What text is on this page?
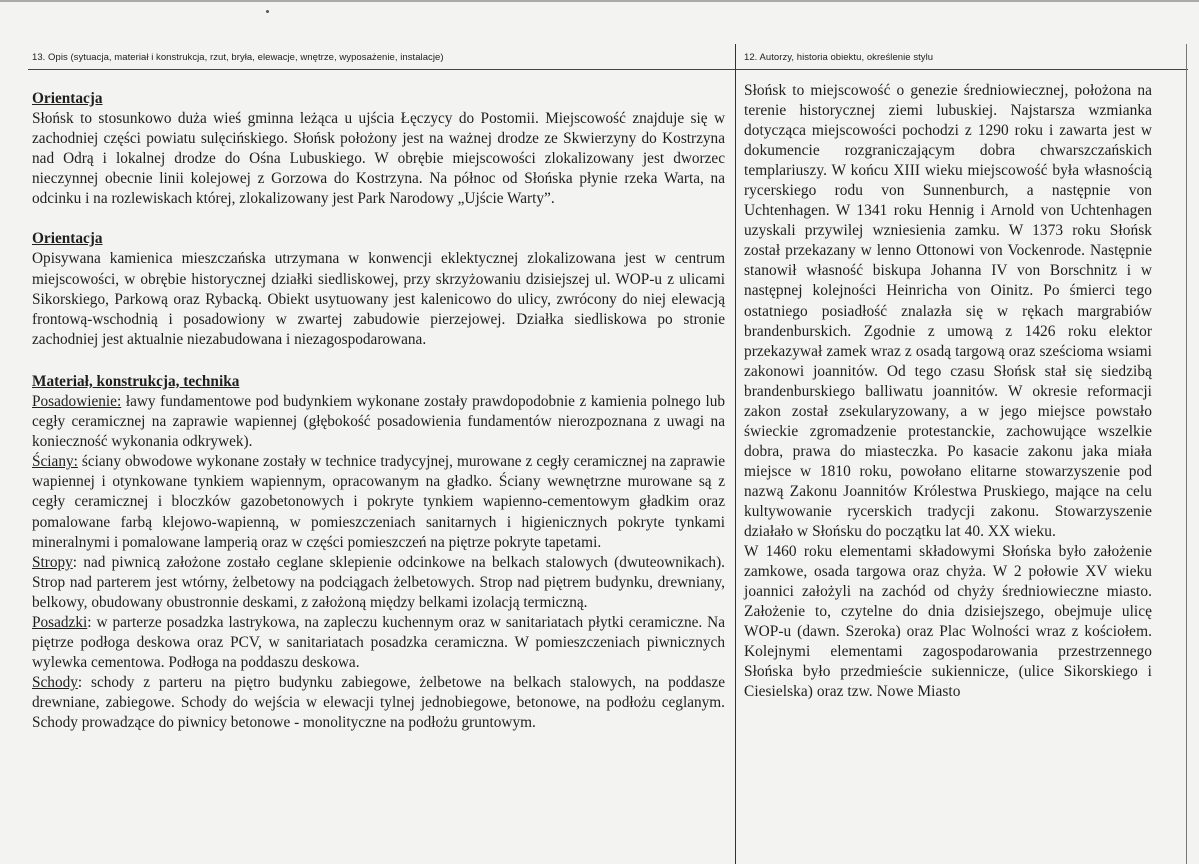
13. Opis (sytuacja, materiał i konstrukcja, rzut, bryła, elewacje, wnętrze, wyposażenie, instalacje)	12. Autorzy, historia obiektu, określenie stylu

Orientacja

Słońsk to stosunkowo duża wieś gminna leżąca u ujścia Łęczycy do Postomii. Miejscowość znajduje się w zachodniej części powiatu sulęcińskiego. Słońsk położony jest na ważnej drodze ze Skwierzyny do Kostrzyna nad Odrą i lokalnej drodze do Ośna Lubuskiego. W obrębie miejscowości zlokalizowany jest dworzec nieczynnej obecnie linii kolejowej z Gorzowa do Kostrzyna. Na północ od Słońska płynie rzeka Warta, na odcinku i na rozlewiskach której, zlokalizowany jest Park Narodowy „Ujście Warty”.

Orientacja

Opisywana kamienica mieszczańska utrzymana w konwencji eklektycznej zlokalizowana jest w centrum miejscowości, w obrębie historycznej działki siedliskowej, przy skrzyżowaniu dzisiejszej ul. WOP-u z ulicami Sikorskiego, Parkową oraz Rybacką. Obiekt usytuowany jest kalenicowo do ulicy, zwrócony do niej elewacją frontową-wschodnią i posadowiony w zwartej zabudowie pierzejowej. Działka siedliskowa po stronie zachodniej jest aktualnie niezabudowana i niezagospodarowana.

Materiał, konstrukcja, technika

Posadowienie: ławy fundamentowe pod budynkiem wykonane zostały prawdopodobnie z kamienia polnego lub cegły ceramicznej na zaprawie wapiennej (głębokość posadowienia fundamentów nierozpoznana z uwagi na konieczność wykonania odkrywek).

Ściany: ściany obwodowe wykonane zostały w technice tradycyjnej, murowane z cegły ceramicznej na zaprawie wapiennej i otynkowane tynkiem wapiennym, opracowanym na gładko. Ściany wewnętrzne murowane są z cegły ceramicznej i bloczków gazobetonowych i pokryte tynkiem wapienno-cementowym gładkim oraz pomalowane farbą klejowo-wapienną, w pomieszczeniach sanitarnych i higienicznych pokryte tynkami mineralnymi i pomalowane lamperią oraz w części pomieszczeń na piętrze pokryte tapetami.

Stropy: nad piwnicą założone zostało ceglane sklepienie odcinkowe na belkach stalowych (dwuteownikach). Strop nad parterem jest wtórny, żelbetowy na podciągach żelbetowych. Strop nad piętrem budynku, drewniany, belkowy, obudowany obustronnie deskami, z założoną między belkami izolacją termiczną.

Posadzki: w parterze posadzka lastrykowa, na zapleczu kuchennym oraz w sanitariatach płytki ceramiczne. Na piętrze podłoga deskowa oraz PCV, w sanitariatach posadzka ceramiczna. W pomieszczeniach piwnicznych wylewka cementowa. Podłoga na poddaszu deskowa.

Schody: schody z parteru na piętro budynku zabiegowe, żelbetowe na belkach stalowych, na poddasze drewniane, zabiegowe. Schody do wejścia w elewacji tylnej jednobiegowe, betonowe, na podłożu ceglanym. Schody prowadzące do piwnicy betonowe - monolityczne na podłożu gruntowym.

Słońsk to miejscowość o genezie średniowiecznej, położona na terenie historycznej ziemi lubuskiej. Najstarsza wzmianka dotycząca miejscowości pochodzi z 1290 roku i zawarta jest w dokumencie rozgraniczającym dobra chwarszczańskich templariuszy. W końcu XIII wieku miejscowość była własnością rycerskiego rodu von Sunnenburch, a następnie von Uchtenhagen. W 1341 roku Hennig i Arnold von Uchtenhagen uzyskali przywilej wzniesienia zamku. W 1373 roku Słońsk został przekazany w lenno Ottonowi von Vockenrode. Następnie stanowił własność biskupa Johanna IV von Borschnitz i w następnej kolejności Heinricha von Oinitz. Po śmierci tego ostatniego posiadłość znalazła się w rękach margrabiów brandenburskich. Zgodnie z umową z 1426 roku elektor przekazywał zamek wraz z osadą targową oraz sześcioma wsiami zakonowi joannitów. Od tego czasu Słońsk stał się siedzibą brandenburskiego balliwatu joannitów. W okresie reformacji zakon został zsekularyzowany, a w jego miejsce powstało świeckie zgromadzenie protestanckie, zachowujące wszelkie dobra, prawa do miasteczka. Po kasacie zakonu jaka miała miejsce w 1810 roku, powołano elitarne stowarzyszenie pod nazwą Zakonu Joannitów Królestwa Pruskiego, mające na celu kultywowanie rycerskich tradycji zakonu. Stowarzyszenie działało w Słońsku do początku lat 40. XX wieku.

W 1460 roku elementami składowymi Słońska było założenie zamkowe, osada targowa oraz chyża. W 2 połowie XV wieku joannici założyli na zachód od chyży średniowieczne miasto. Założenie to, czytelne do dnia dzisiejszego, obejmuje ulicę WOP-u (dawn. Szeroka) oraz Plac Wolności wraz z kościołem. Kolejnymi elementami zagospodarowania przestrzennego Słońska było przedmieście sukiennicze, (ulice Sikorskiego i Ciesielska) oraz tzw. Nowe Miasto
